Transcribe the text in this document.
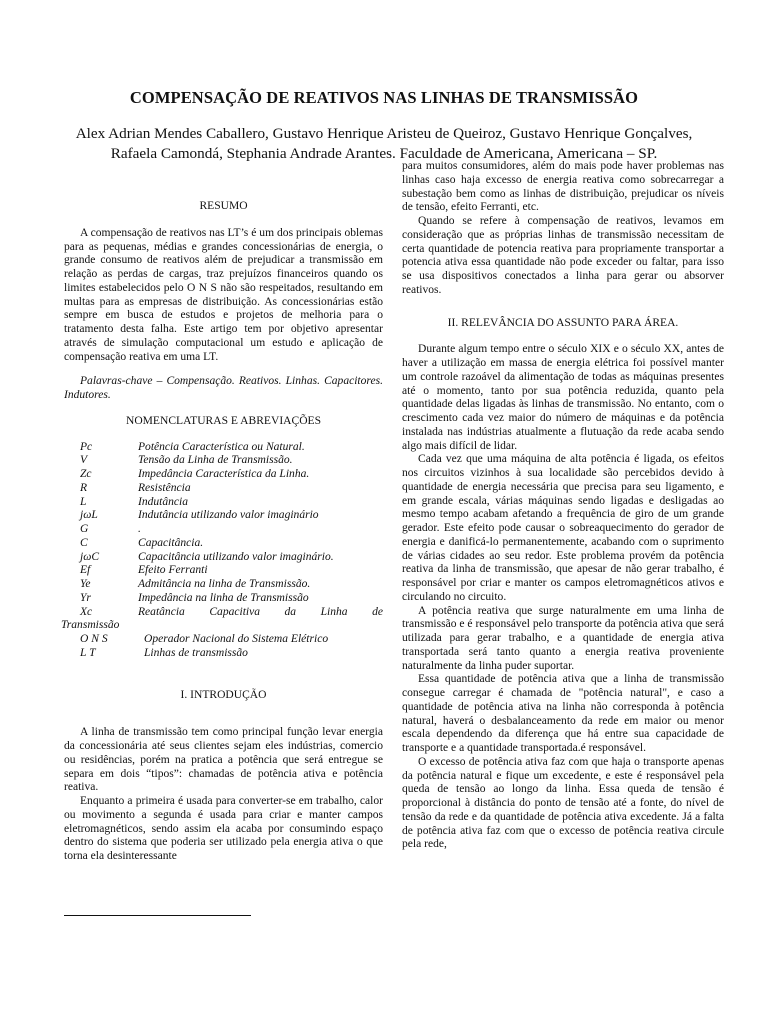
COMPENSAÇÃO DE REATIVOS NAS LINHAS DE TRANSMISSÃO
Alex Adrian Mendes Caballero, Gustavo Henrique Aristeu de Queiroz, Gustavo Henrique Gonçalves,
Rafaela Camondá, Stephania Andrade Arantes. Faculdade de Americana, Americana – SP.

RESUMO

A compensação de reativos nas LT’s é um dos principais oblemas para as pequenas, médias e grandes concessionárias de energia, o grande consumo de reativos além de prejudicar a transmissão em relação as perdas de cargas, traz prejuízos financeiros quando os limites estabelecidos pelo O N S não são respeitados, resultando em multas para as empresas de distribuição. As concessionárias estão sempre em busca de estudos e projetos de melhoria para o tratamento desta falha. Este artigo tem por objetivo apresentar através de simulação computacional um estudo e aplicação de compensação reativa em uma LT.

Palavras-chave – Compensação. Reativos. Linhas. Capacitores. Indutores.

NOMENCLATURAS E ABREVIAÇÕES

Pc	Potência Característica ou Natural.
V	Tensão da Linha de Transmissão.
Zc	Impedância Característica da Linha.
R	Resistência
L	Indutância
jωL	Indutância utilizando valor imaginário
G	.
C	Capacitância.
jωC	Capacitância utilizando valor imaginário.
Ef	Efeito Ferranti
Ye	Admitância na linha de Transmissão.
Yr	Impedância na linha de Transmissão
Xc	Reatância Capacitiva da Linha de

Transmissão

O N S	Operador Nacional do Sistema Elétrico
L T	Linhas de transmissão

I. INTRODUÇÃO

A linha de transmissão tem como principal função levar energia da concessionária até seus clientes sejam eles indústrias, comercio ou residências, porém na pratica a potência que será entregue se separa em dois “tipos”: chamadas de potência ativa e potência reativa.

Enquanto a primeira é usada para converter-se em trabalho, calor ou movimento a segunda é usada para criar e manter campos eletromagnéticos, sendo assim ela acaba por consumindo espaço dentro do sistema que poderia ser utilizado pela energia ativa o que torna ela desinteressante

para muitos consumidores, além do mais pode haver problemas nas linhas caso haja excesso de energia reativa como sobrecarregar a subestação bem como as linhas de distribuição, prejudicar os níveis de tensão, efeito Ferranti, etc.

Quando se refere à compensação de reativos, levamos em consideração que as próprias linhas de transmissão necessitam de certa quantidade de potencia reativa para propriamente transportar a potencia ativa essa quantidade não pode exceder ou faltar, para isso se usa dispositivos conectados a linha para gerar ou absorver reativos.

II. RELEVÂNCIA DO ASSUNTO PARA ÁREA.

Durante algum tempo entre o século XIX e o século XX, antes de haver a utilização em massa de energia elétrica foi possível manter um controle razoável da alimentação de todas as máquinas presentes até o momento, tanto por sua potência reduzida, quanto pela quantidade delas ligadas às linhas de transmissão. No entanto, com o crescimento cada vez maior do número de máquinas e da potência instalada nas indústrias atualmente a flutuação da rede acaba sendo algo mais difícil de lidar.

Cada vez que uma máquina de alta potência é ligada, os efeitos nos circuitos vizinhos à sua localidade são percebidos devido à quantidade de energia necessária que precisa para seu ligamento, e em grande escala, várias máquinas sendo ligadas e desligadas ao mesmo tempo acabam afetando a frequência de giro de um grande gerador. Este efeito pode causar o sobreaquecimento do gerador de energia e danificá-lo permanentemente, acabando com o suprimento de várias cidades ao seu redor. Este problema provém da potência reativa da linha de transmissão, que apesar de não gerar trabalho, é responsável por criar e manter os campos eletromagnéticos ativos e circulando no circuito.

A potência reativa que surge naturalmente em uma linha de transmissão e é responsável pelo transporte da potência ativa que será utilizada para gerar trabalho, e a quantidade de energia ativa transportada será tanto quanto a energia reativa proveniente naturalmente da linha puder suportar.

Essa quantidade de potência ativa que a linha de transmissão consegue carregar é chamada de "potência natural", e caso a quantidade de potência ativa na linha não corresponda à potência natural, haverá o desbalanceamento da rede em maior ou menor escala dependendo da diferença que há entre sua capacidade de transporte e a quantidade transportada.é responsável.

O excesso de potência ativa faz com que haja o transporte apenas da potência natural e fique um excedente, e este é responsável pela queda de tensão ao longo da linha. Essa queda de tensão é proporcional à distância do ponto de tensão até a fonte, do nível de tensão da rede e da quantidade de potência ativa excedente. Já a falta de potência ativa faz com que o excesso de potência reativa circule pela rede,
